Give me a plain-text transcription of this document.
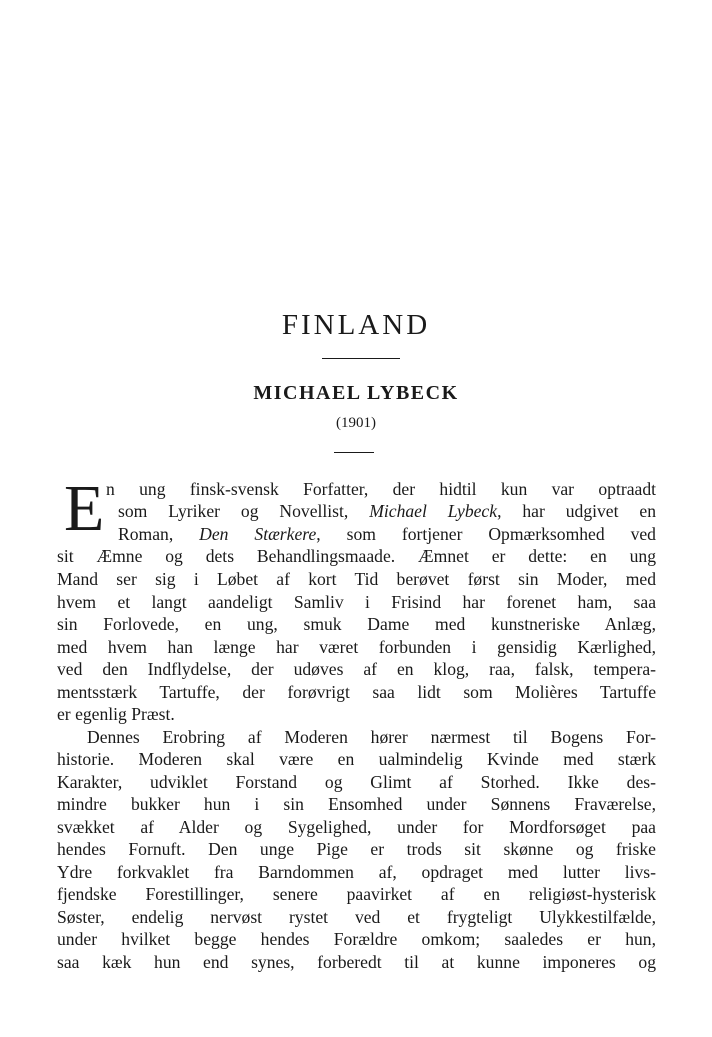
FINLAND
MICHAEL LYBECK
(1901)
E n ung finsk-svensk Forfatter, der hidtil kun var optraadt
som Lyriker og Novellist, Michael Lybeck, har udgivet en
Roman, Den Stærkere, som fortjener Opmærksomhed ved
sit Æmne og dets Behandlingsmaade. Æmnet er dette: en ung
Mand ser sig i Løbet af kort Tid berøvet først sin Moder, med
hvem et langt aandeligt Samliv i Frisind har forenet ham, saa
sin Forlovede, en ung, smuk Dame med kunstneriske Anlæg,
med hvem han længe har været forbunden i gensidig Kærlighed,
ved den Indflydelse, der udøves af en klog, raa, falsk, tempera-
mentsstærk Tartuffe, der forøvrigt saa lidt som Molières Tartuffe
er egenlig Præst.
Dennes Erobring af Moderen hører nærmest til Bogens For-
historie. Moderen skal være en ualmindelig Kvinde med stærk
Karakter, udviklet Forstand og Glimt af Storhed. Ikke des-
mindre bukker hun i sin Ensomhed under Sønnens Fraværelse,
svækket af Alder og Sygelighed, under for Mordforsøget paa
hendes Fornuft. Den unge Pige er trods sit skønne og friske
Ydre forkvaklet fra Barndommen af, opdraget med lutter livs-
fjendske Forestillinger, senere paavirket af en religiøst-hysterisk
Søster, endelig nervøst rystet ved et frygteligt Ulykkestilfælde,
under hvilket begge hendes Forældre omkom; saaledes er hun,
saa kæk hun end synes, forberedt til at kunne imponeres og
